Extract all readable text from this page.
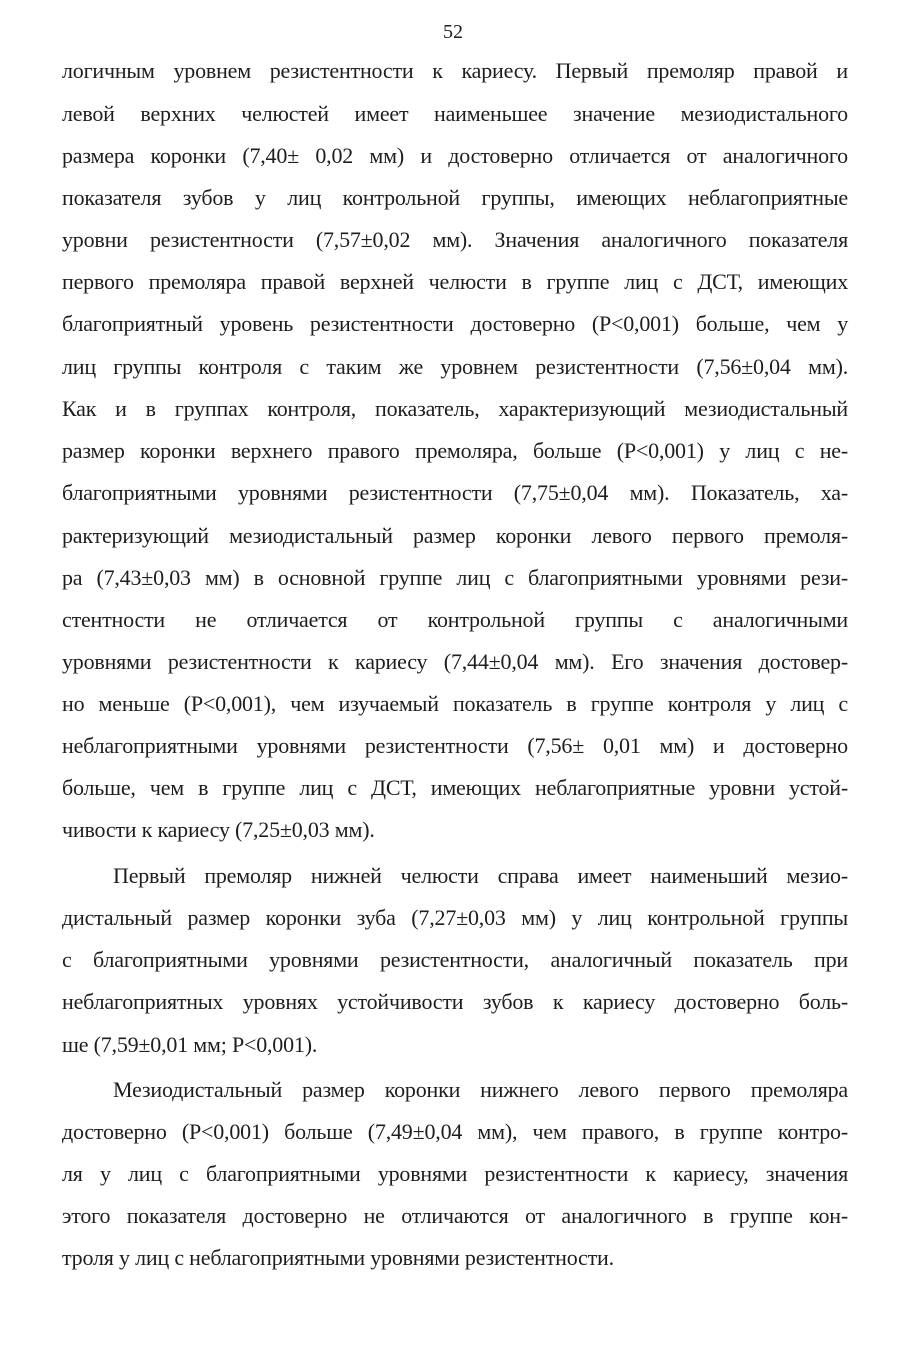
52
логичным уровнем резистентности к кариесу. Первый премоляр правой и
левой верхних челюстей имеет наименьшее значение мезиодистального
размера коронки (7,40± 0,02 мм) и достоверно отличается от аналогичного
показателя зубов у лиц контрольной группы, имеющих неблагоприятные
уровни резистентности (7,57±0,02 мм). Значения аналогичного показателя
первого премоляра правой верхней челюсти в группе лиц с ДСТ, имеющих
благоприятный уровень резистентности достоверно (P<0,001) больше, чем у
лиц группы контроля с таким же уровнем резистентности (7,56±0,04 мм).
Как и в группах контроля, показатель, характеризующий мезиодистальный
размер коронки верхнего правого премоляра, больше (P<0,001) у лиц с не-
благоприятными уровнями резистентности (7,75±0,04 мм). Показатель, ха-
рактеризующий мезиодистальный размер коронки левого первого премоля-
ра (7,43±0,03 мм) в основной группе лиц с благоприятными уровнями рези-
стентности не отличается от контрольной группы с аналогичными
уровнями резистентности к кариесу (7,44±0,04 мм). Его значения достовер-
но меньше (P<0,001), чем изучаемый показатель в группе контроля у лиц с
неблагоприятными уровнями резистентности (7,56± 0,01 мм) и достоверно
больше, чем в группе лиц с ДСТ, имеющих неблагоприятные уровни устой-
чивости к кариесу (7,25±0,03 мм).
Первый премоляр нижней челюсти справа имеет наименьший мезио-
дистальный размер коронки зуба (7,27±0,03 мм) у лиц контрольной группы
с благоприятными уровнями резистентности, аналогичный показатель при
неблагоприятных уровнях устойчивости зубов к кариесу достоверно боль-
ше (7,59±0,01 мм; P<0,001).
Мезиодистальный размер коронки нижнего левого первого премоляра
достоверно (P<0,001) больше (7,49±0,04 мм), чем правого, в группе контро-
ля у лиц с благоприятными уровнями резистентности к кариесу, значения
этого показателя достоверно не отличаются от аналогичного в группе кон-
троля у лиц с неблагоприятными уровнями резистентности.
